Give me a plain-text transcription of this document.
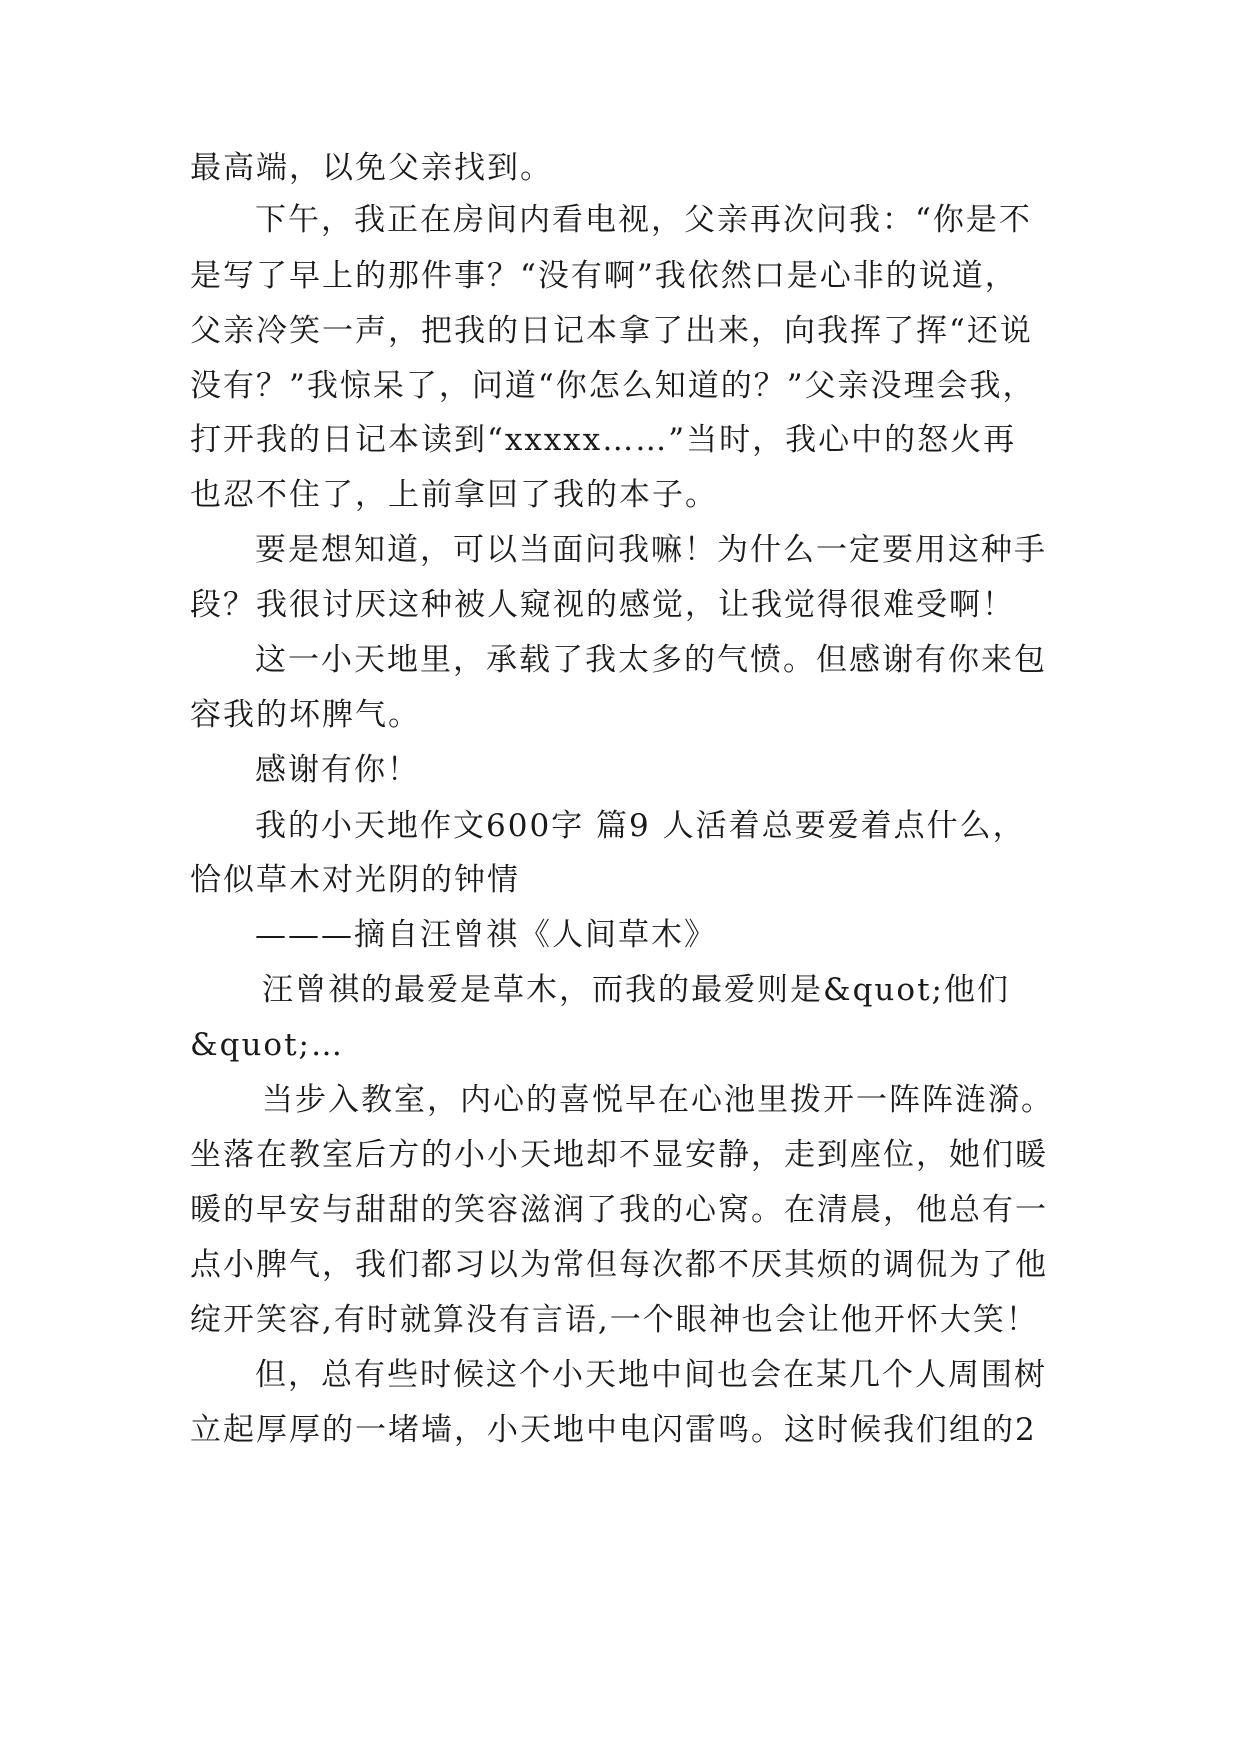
最高端，以免父亲找到。
下午，我正在房间内看电视，父亲再次问我：“你是不
是写了早上的那件事？“没有啊”我依然口是心非的说道，
父亲冷笑一声，把我的日记本拿了出来，向我挥了挥“还说
没有？”我惊呆了，问道“你怎么知道的？”父亲没理会我，
打开我的日记本读到“xxxxx……”当时，我心中的怒火再
也忍不住了，上前拿回了我的本子。
要是想知道，可以当面问我嘛！为什么一定要用这种手
段？我很讨厌这种被人窥视的感觉，让我觉得很难受啊！
这一小天地里，承载了我太多的气愤。但感谢有你来包
容我的坏脾气。
感谢有你！
我的小天地作文600字 篇9 人活着总要爱着点什么，
恰似草木对光阴的钟情
———摘自汪曾祺《人间草木》
汪曾祺的最爱是草木，而我的最爱则是&quot;他们
&quot;…
当步入教室，内心的喜悦早在心池里拨开一阵阵涟漪。
坐落在教室后方的小小天地却不显安静，走到座位，她们暖
暖的早安与甜甜的笑容滋润了我的心窝。在清晨，他总有一
点小脾气，我们都习以为常但每次都不厌其烦的调侃为了他
绽开笑容,有时就算没有言语,一个眼神也会让他开怀大笑！
但，总有些时候这个小天地中间也会在某几个人周围树
立起厚厚的一堵墙，小天地中电闪雷鸣。这时候我们组的2
